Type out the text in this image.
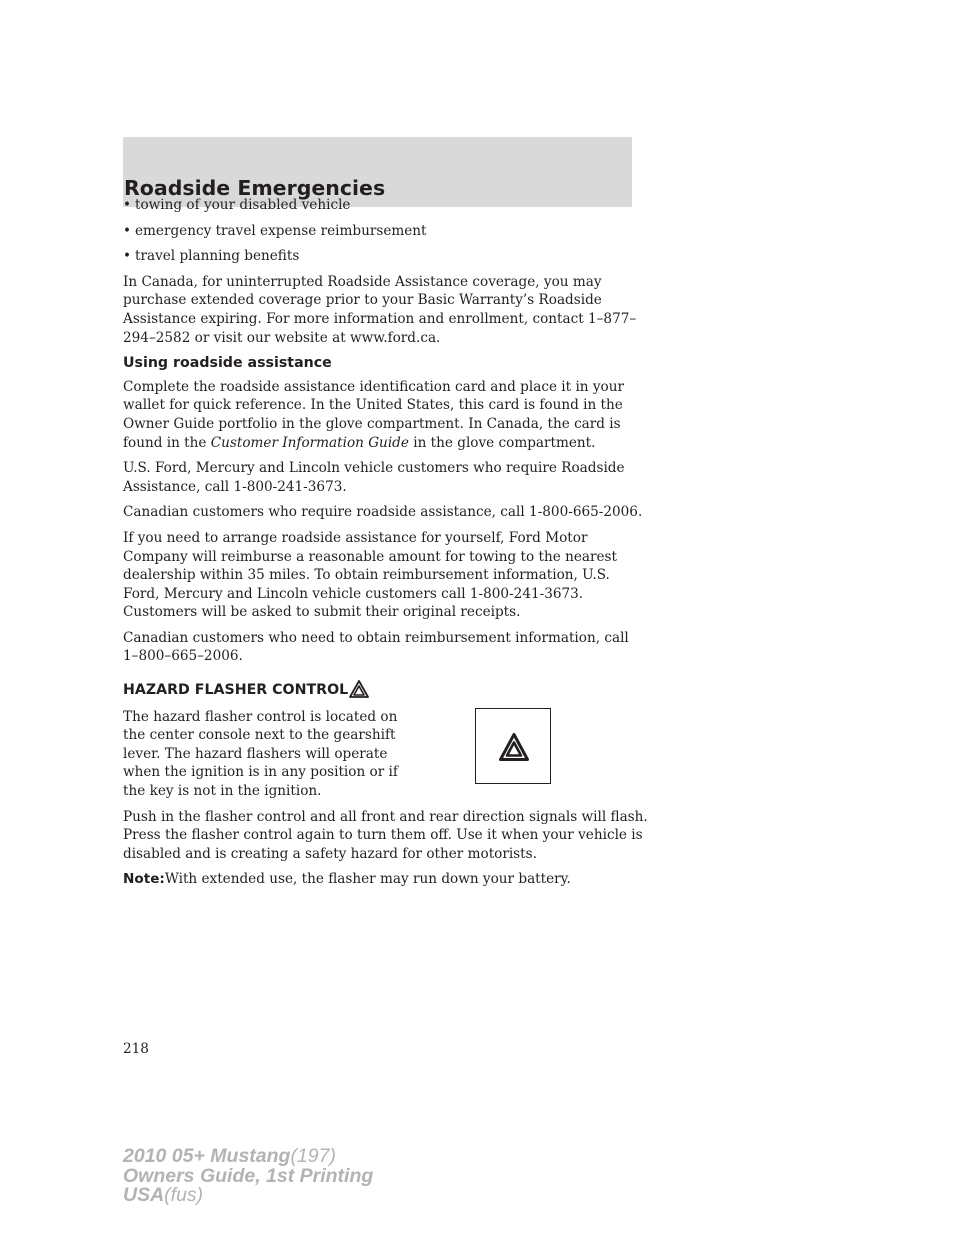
Roadside Emergencies
• towing of your disabled vehicle
• emergency travel expense reimbursement
• travel planning benefits

In Canada, for uninterrupted Roadside Assistance coverage, you may purchase extended coverage prior to your Basic Warranty’s Roadside Assistance expiring. For more information and enrollment, contact 1–877–294–2582 or visit our website at www.ford.ca.

Using roadside assistance

Complete the roadside assistance identification card and place it in your wallet for quick reference. In the United States, this card is found in the Owner Guide portfolio in the glove compartment. In Canada, the card is found in the Customer Information Guide in the glove compartment.

U.S. Ford, Mercury and Lincoln vehicle customers who require Roadside Assistance, call 1-800-241-3673.

Canadian customers who require roadside assistance, call 1-800-665-2006.

If you need to arrange roadside assistance for yourself, Ford Motor Company will reimburse a reasonable amount for towing to the nearest dealership within 35 miles. To obtain reimbursement information, U.S. Ford, Mercury and Lincoln vehicle customers call 1-800-241-3673. Customers will be asked to submit their original receipts.

Canadian customers who need to obtain reimbursement information, call 1–800–665–2006.

HAZARD FLASHER CONTROL

The hazard flasher control is located on the center console next to the gearshift lever. The hazard flashers will operate when the ignition is in any position or if the key is not in the ignition.

Push in the flasher control and all front and rear direction signals will flash. Press the flasher control again to turn them off. Use it when your vehicle is disabled and is creating a safety hazard for other motorists.

Note:With extended use, the flasher may run down your battery.

218
2010 05+ Mustang(197)
Owners Guide, 1st Printing
USA(fus)
